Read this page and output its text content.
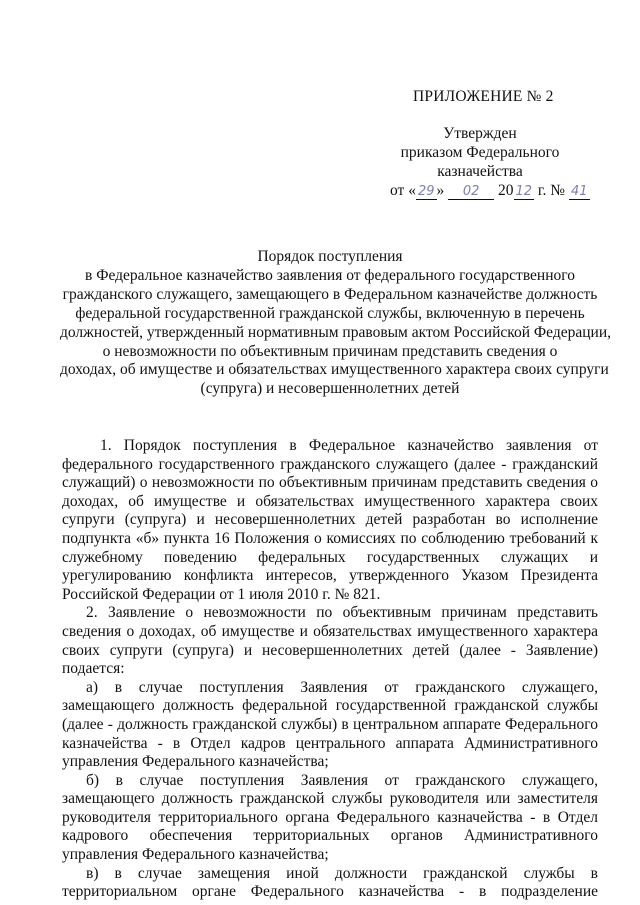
ПРИЛОЖЕНИЕ № 2
Утвержден
приказом Федерального
казначейства
от « 29 » 02 20 12 г. № 41
Порядок поступления
в Федеральное казначейство заявления от федерального государственного
гражданского служащего, замещающего в Федеральном казначействе должность
федеральной государственной гражданской службы, включенную в перечень
должностей, утвержденный нормативным правовым актом Российской Федерации,
о невозможности по объективным причинам представить сведения о
доходах, об имуществе и обязательствах имущественного характера своих супруги
(супруга) и несовершеннолетних детей

1. Порядок поступления в Федеральное казначейство заявления от федерального государственного гражданского служащего (далее - гражданский служащий) о невозможности по объективным причинам представить сведения о доходах, об имуществе и обязательствах имущественного характера своих супруги (супруга) и несовершеннолетних детей разработан во исполнение подпункта «б» пункта 16 Положения о комиссиях по соблюдению требований к служебному поведению федеральных государственных служащих и урегулированию конфликта интересов, утвержденного Указом Президента Российской Федерации от 1 июля 2010 г. № 821.

2. Заявление о невозможности по объективным причинам представить сведения о доходах, об имуществе и обязательствах имущественного характера своих супруги (супруга) и несовершеннолетних детей (далее - Заявление) подается:

а) в случае поступления Заявления от гражданского служащего, замещающего должность федеральной государственной гражданской службы (далее - должность гражданской службы) в центральном аппарате Федерального казначейства - в Отдел кадров центрального аппарата Административного управления Федерального казначейства;

б) в случае поступления Заявления от гражданского служащего, замещающего должность гражданской службы руководителя или заместителя руководителя территориального органа Федерального казначейства - в Отдел кадрового обеспечения территориальных органов Административного управления Федерального казначейства;

в) в случае замещения иной должности гражданской службы в территориальном органе Федерального казначейства - в подразделение
